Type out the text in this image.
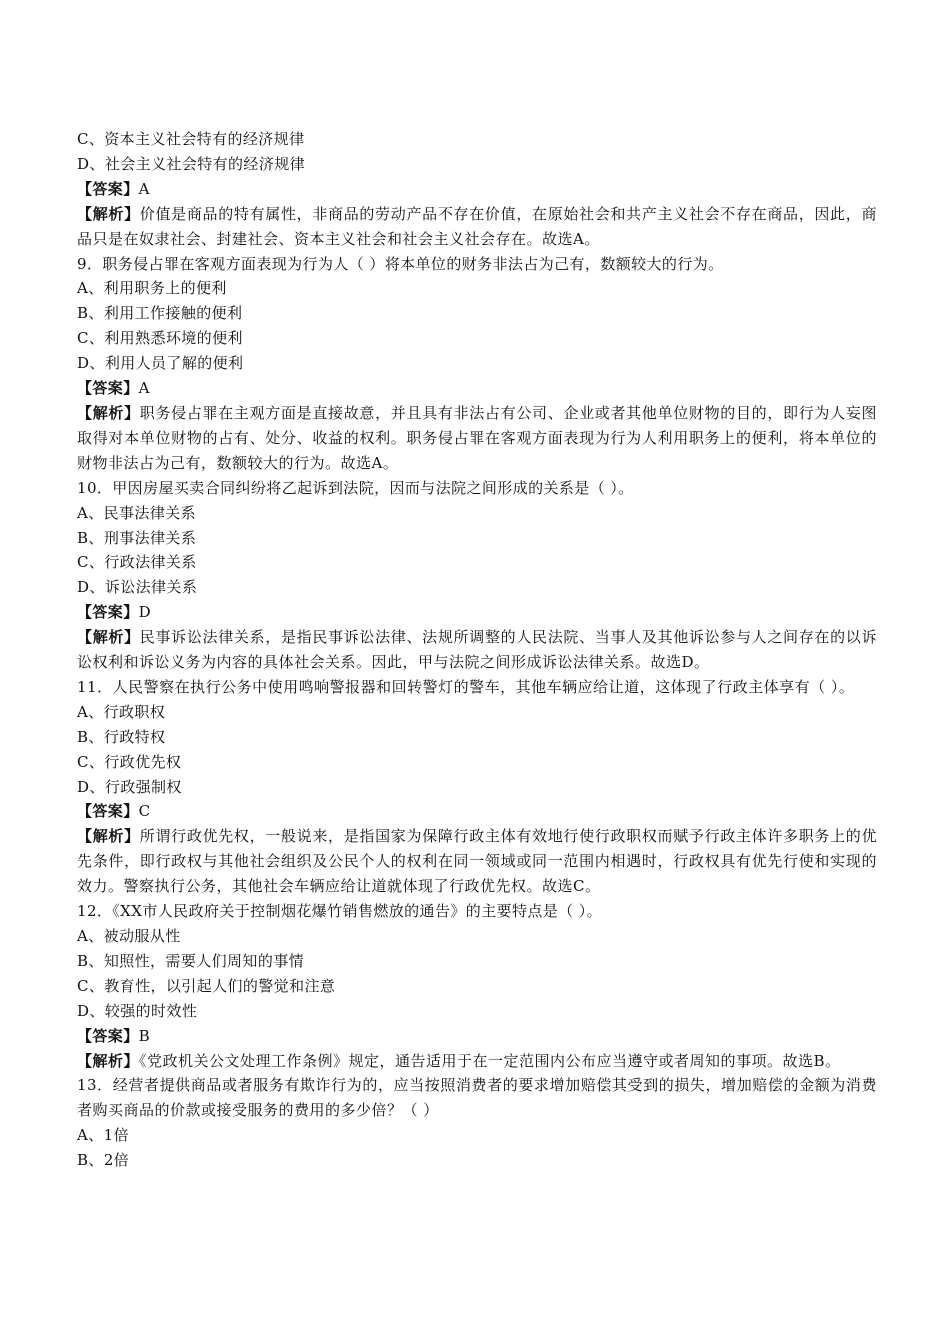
C、资本主义社会特有的经济规律
D、社会主义社会特有的经济规律
【答案】A
【解析】价值是商品的特有属性，非商品的劳动产品不存在价值，在原始社会和共产主义社会不存在商品，因此，商品只是在奴隶社会、封建社会、资本主义社会和社会主义社会存在。故选A。
9．职务侵占罪在客观方面表现为行为人（ ）将本单位的财务非法占为己有，数额较大的行为。
A、利用职务上的便利
B、利用工作接触的便利
C、利用熟悉环境的便利
D、利用人员了解的便利
【答案】A
【解析】职务侵占罪在主观方面是直接故意，并且具有非法占有公司、企业或者其他单位财物的目的，即行为人妄图取得对本单位财物的占有、处分、收益的权利。职务侵占罪在客观方面表现为行为人利用职务上的便利，将本单位的财物非法占为己有，数额较大的行为。故选A。
10．甲因房屋买卖合同纠纷将乙起诉到法院，因而与法院之间形成的关系是（ ）。
A、民事法律关系
B、刑事法律关系
C、行政法律关系
D、诉讼法律关系
【答案】D
【解析】民事诉讼法律关系，是指民事诉讼法律、法规所调整的人民法院、当事人及其他诉讼参与人之间存在的以诉讼权利和诉讼义务为内容的具体社会关系。因此，甲与法院之间形成诉讼法律关系。故选D。
11．人民警察在执行公务中使用鸣响警报器和回转警灯的警车，其他车辆应给让道，这体现了行政主体享有（ ）。
A、行政职权
B、行政特权
C、行政优先权
D、行政强制权
【答案】C
【解析】所谓行政优先权，一般说来，是指国家为保障行政主体有效地行使行政职权而赋予行政主体许多职务上的优先条件，即行政权与其他社会组织及公民个人的权利在同一领域或同一范围内相遇时，行政权具有优先行使和实现的效力。警察执行公务，其他社会车辆应给让道就体现了行政优先权。故选C。
12．《XX市人民政府关于控制烟花爆竹销售燃放的通告》的主要特点是（ ）。
A、被动服从性
B、知照性，需要人们周知的事情
C、教育性，以引起人们的警觉和注意
D、较强的时效性
【答案】B
【解析】《党政机关公文处理工作条例》规定，通告适用于在一定范围内公布应当遵守或者周知的事项。故选B。
13．经营者提供商品或者服务有欺诈行为的，应当按照消费者的要求增加赔偿其受到的损失，增加赔偿的金额为消费者购买商品的价款或接受服务的费用的多少倍？（ ）
A、1倍
B、2倍
